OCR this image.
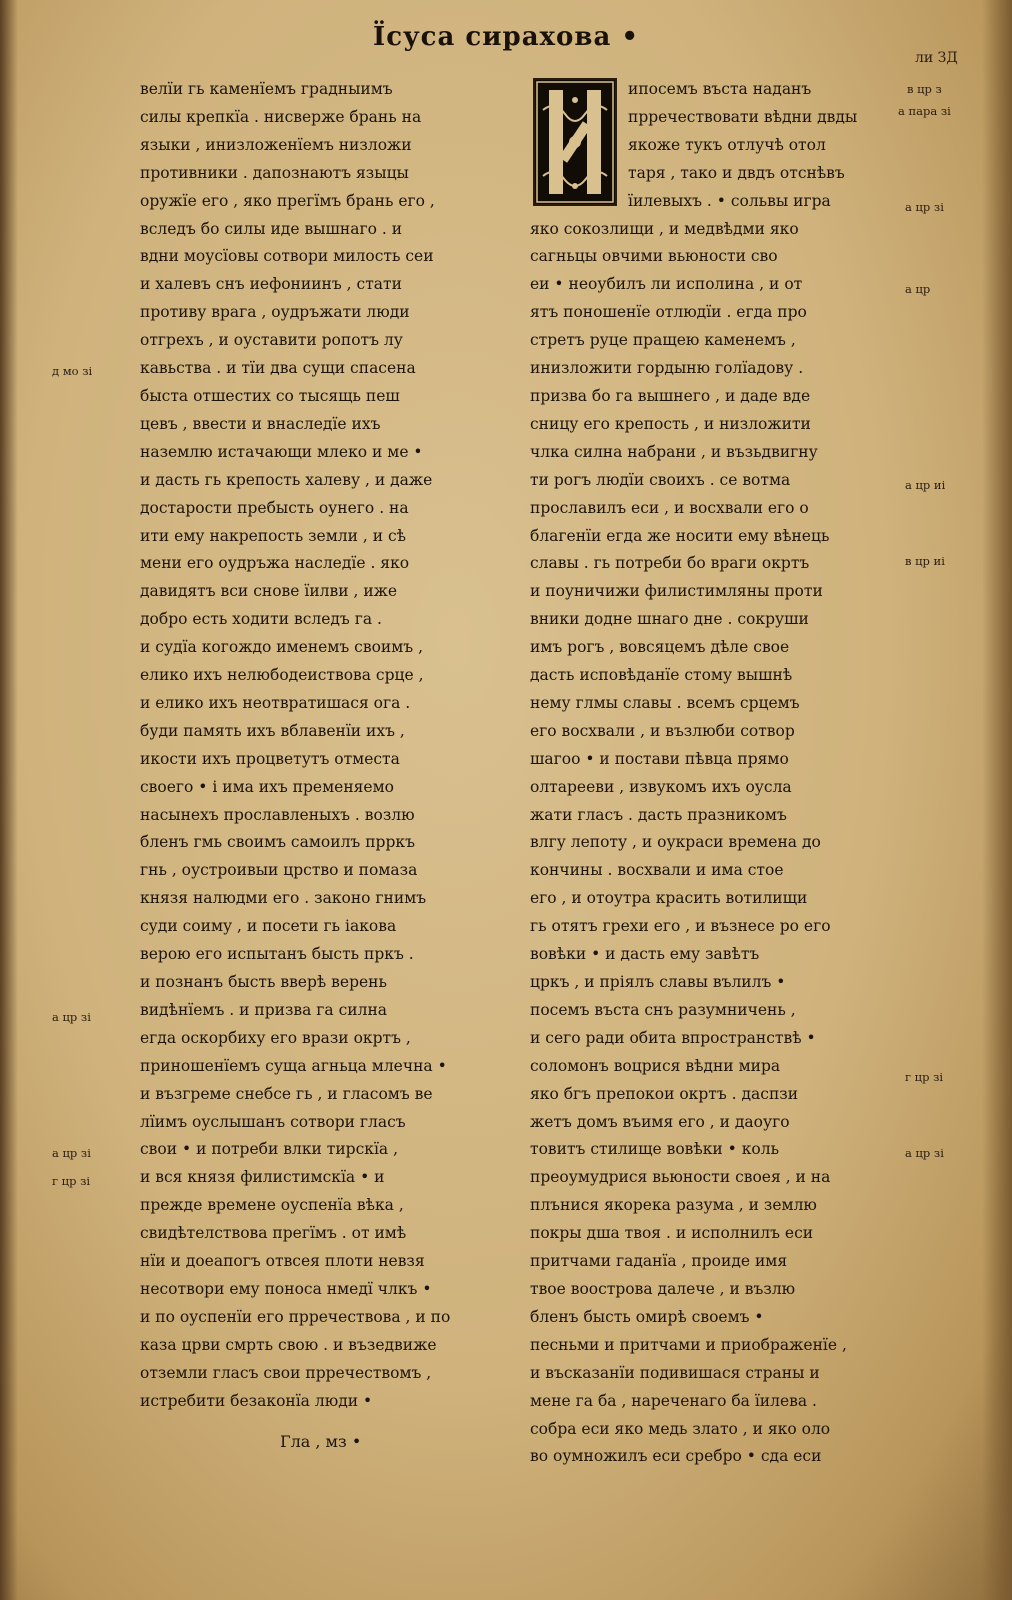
Їсуса сирахова •
ли ЗД
велїи гь каменїемъ градныимъ
силы крепкїа . нисверже брань на
языки , инизложенїемъ низложи
противники . дапознаютъ языцы
оружїе его , яко прегїмъ брань его ,
вследъ бо силы иде вышнаго . и
вдни моусїовы сотвори милость сеи
и халевъ снъ иефониинъ , стати
противу врага , оудръжати люди
отгрехъ , и оуставити ропотъ лу
кавьства . и тїи два сущи спасена
быста отшестих со тысящь пеш
цевъ , ввести и внаследїе ихъ
наземлю истачающи млеко и ме •
и дасть гь крепость халеву , и даже
достарости пребысть оунего . на
ити ему накрепость земли , и сѣ
мени его оудръжа наследїе . яко
давидятъ вси снове їилви , иже
добро есть ходити вследъ га .
и судїа когождо именемъ своимъ ,
елико ихъ нелюбодеиствова срце ,
и елико ихъ неотвратишася ога .
буди память ихъ вблавенїи ихъ ,
икости ихъ процветутъ отместа
своего • і има ихъ пременяемо
насынехъ прославленыхъ . возлю
бленъ гмь своимъ самоилъ прркъ
гнь , оустроивыи црство и помаза
князя налюдми его . законо гнимъ
суди соиму , и посети гь іакова
верою его испытанъ бысть пркъ .
и познанъ бысть вверѣ верень
видѣнїемъ . и призва га силна
егда оскорбиху его врази окртъ ,
приношенїемъ суща агньца млечна •
и възгреме снебсе гь , и гласомъ ве
лїимъ оуслышанъ сотвори гласъ
свои • и потреби влки тирскїа ,
и вся князя филистимскїа • и
прежде времене оуспенїа вѣка ,
свидѣтелствова прегїмъ . от имѣ
нїи и доеапогъ отвсея плоти невзя
несотвори ему поноса нмедї члкъ •
и по оуспенїи его прречествова , и по
каза црви смрть свою . и възедвиже
отземли гласъ свои прречествомъ ,
истребити безаконїа люди •
ипосемъ въста наданъ
прречествовати вѣдни двды
якоже тукъ отлучѣ отол
таря , тако и двдъ отснѣвъ
їилевыхъ . • сольвы игра
яко сокозлищи , и медвѣдми яко
сагньцы овчими вьюности сво
еи • неоубилъ ли исполина , и от
ятъ поношенїе отлюдїи . егда про
стретъ руце пращею каменемъ ,
инизложити гордыню голїадову .
призва бо га вышнего , и даде вде
сницу его крепость , и низложити
члка силна набрани , и възьдвигну
ти рогъ людїи своихъ . се вотма
прославилъ еси , и восхвали его о
благенїи егда же носити ему вѣнець
славы . гь потреби бо враги окртъ
и поуничижи филистимляны проти
вники додне шнаго дне . сокруши
имъ рогъ , вовсяцемъ дѣле свое
дасть исповѣданїе стому вышнѣ
нему глмы славы . всемъ срцемъ
его восхвали , и възлюби сотвор
шагоо • и постави пѣвца прямо
олтарееви , извукомъ ихъ оусла
жати гласъ . дасть празникомъ
влгу лепоту , и оукраси времена до
кончины . восхвали и има стое
его , и отоутра красить вотилищи
гь отятъ грехи его , и възнесе ро его
вовѣки • и дасть ему завѣтъ
цркъ , и пріялъ славы вълилъ •
посемъ въста снъ разумничень ,
и сего ради обита впространствѣ •
соломонъ воцрися вѣдни мира
яко бгъ препокои окртъ . даспзи
жетъ домъ въимя его , и даоуго
товитъ стилище вовѣки • коль
преоумудрися вьюности своея , и на
плънися якорека разума , и землю
покры дша твоя . и исполнилъ еси
притчами гаданїа , проиде имя
твое воострова далече , и възлю
бленъ бысть омирѣ своемъ •
песньми и притчами и приображенїе ,
и въсказанїи подивишася страны и
мене га ба , нареченаго ба їилева .
собра еси яко медь злато , и яко оло
во оумножилъ еси сребро • сда еси
Гла , мз •
в цр з
а пара зі
а цр зі
а цр
а цр иі
в цр иі
д мо зі
а цр зі
г цр зі
а цр зі
а цр зі
г цр зі
